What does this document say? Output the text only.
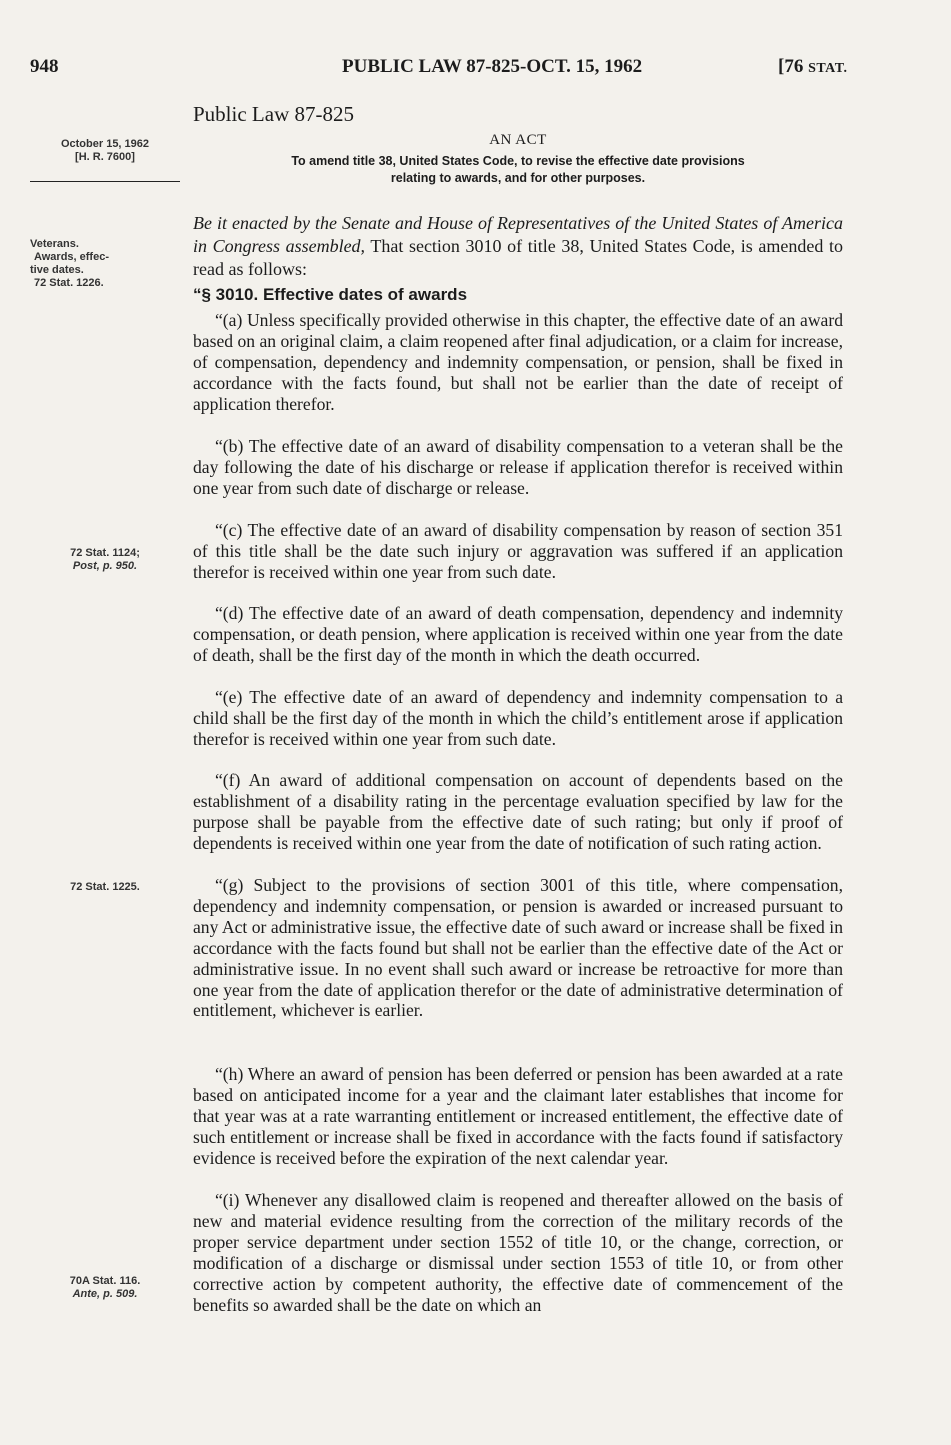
948	PUBLIC LAW 87-825-OCT. 15, 1962	[76 STAT.
October 15, 1962
[H. R. 7600]
Veterans.
Awards, effec-
tive dates.
72 Stat. 1226.
72 Stat. 1124;
Post, p. 950.
72 Stat. 1225.
70A Stat. 116.
Ante, p. 509.
Public Law 87-825
AN ACT
To amend title 38, United States Code, to revise the effective date provisions
relating to awards, and for other purposes.
Be it enacted by the Senate and House of Representatives of the United States of America in Congress assembled, That section 3010 of title 38, United States Code, is amended to read as follows:
“§ 3010. Effective dates of awards

“(a) Unless specifically provided otherwise in this chapter, the effective date of an award based on an original claim, a claim reopened after final adjudication, or a claim for increase, of compensation, dependency and indemnity compensation, or pension, shall be fixed in accordance with the facts found, but shall not be earlier than the date of receipt of application therefor.

“(b) The effective date of an award of disability compensation to a veteran shall be the day following the date of his discharge or release if application therefor is received within one year from such date of discharge or release.

“(c) The effective date of an award of disability compensation by reason of section 351 of this title shall be the date such injury or aggravation was suffered if an application therefor is received within one year from such date.

“(d) The effective date of an award of death compensation, dependency and indemnity compensation, or death pension, where application is received within one year from the date of death, shall be the first day of the month in which the death occurred.

“(e) The effective date of an award of dependency and indemnity compensation to a child shall be the first day of the month in which the child’s entitlement arose if application therefor is received within one year from such date.

“(f) An award of additional compensation on account of dependents based on the establishment of a disability rating in the percentage evaluation specified by law for the purpose shall be payable from the effective date of such rating; but only if proof of dependents is received within one year from the date of notification of such rating action.

“(g) Subject to the provisions of section 3001 of this title, where compensation, dependency and indemnity compensation, or pension is awarded or increased pursuant to any Act or administrative issue, the effective date of such award or increase shall be fixed in accordance with the facts found but shall not be earlier than the effective date of the Act or administrative issue. In no event shall such award or increase be retroactive for more than one year from the date of application therefor or the date of administrative determination of entitlement, whichever is earlier.

“(h) Where an award of pension has been deferred or pension has been awarded at a rate based on anticipated income for a year and the claimant later establishes that income for that year was at a rate warranting entitlement or increased entitlement, the effective date of such entitlement or increase shall be fixed in accordance with the facts found if satisfactory evidence is received before the expiration of the next calendar year.

“(i) Whenever any disallowed claim is reopened and thereafter allowed on the basis of new and material evidence resulting from the correction of the military records of the proper service department under section 1552 of title 10, or the change, correction, or modification of a discharge or dismissal under section 1553 of title 10, or from other corrective action by competent authority, the effective date of commencement of the benefits so awarded shall be the date on which an
